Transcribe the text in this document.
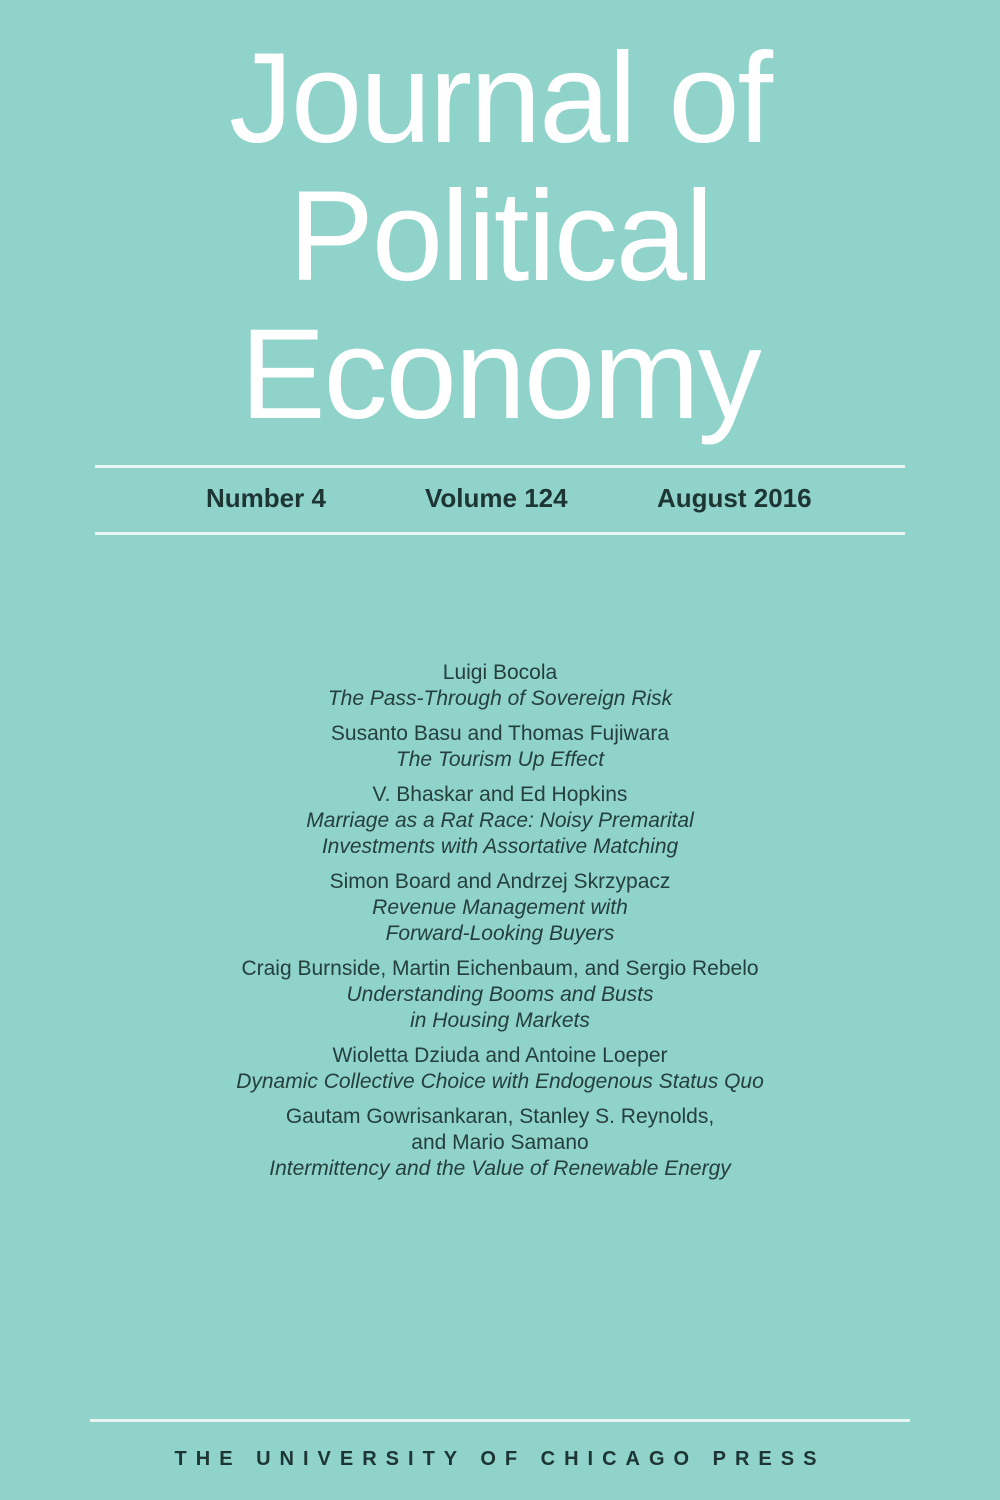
Journal of
Political
Economy
Number 4	Volume 124	August 2016
Luigi Bocola
The Pass-Through of Sovereign Risk
Susanto Basu and Thomas Fujiwara
The Tourism Up Effect
V. Bhaskar and Ed Hopkins
Marriage as a Rat Race: Noisy Premarital
Investments with Assortative Matching
Simon Board and Andrzej Skrzypacz
Revenue Management with
Forward-Looking Buyers
Craig Burnside, Martin Eichenbaum, and Sergio Rebelo
Understanding Booms and Busts
in Housing Markets
Wioletta Dziuda and Antoine Loeper
Dynamic Collective Choice with Endogenous Status Quo
Gautam Gowrisankaran, Stanley S. Reynolds,
and Mario Samano
Intermittency and the Value of Renewable Energy
THE UNIVERSITY OF CHICAGO PRESS
